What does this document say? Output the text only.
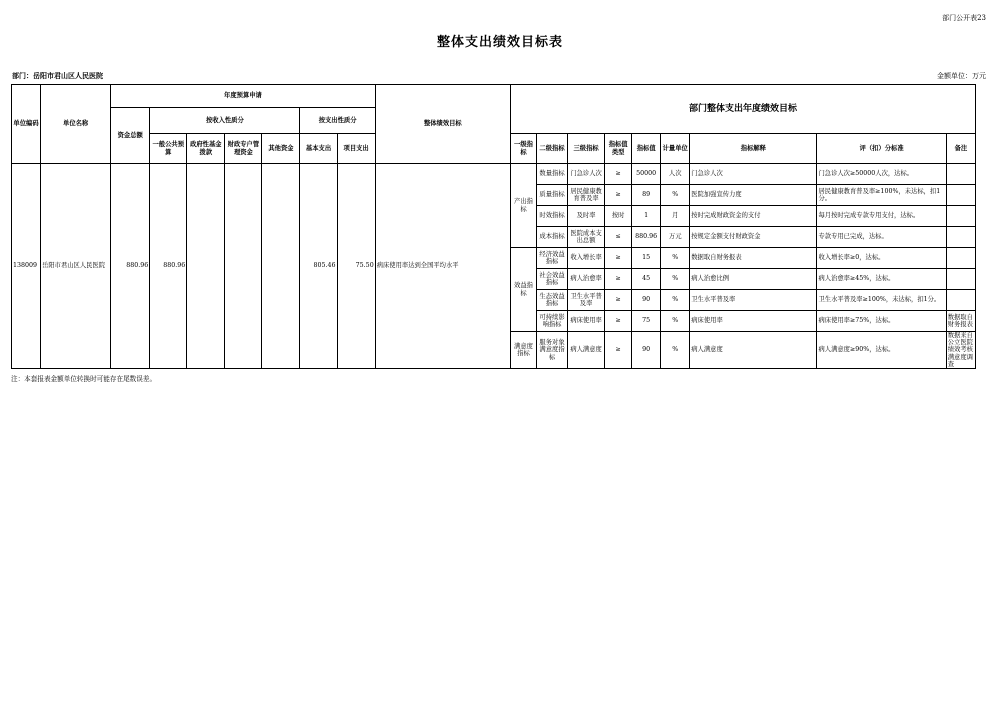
部门公开表23
整体支出绩效目标表
部门：岳阳市君山区人民医院	金额单位：万元
单位编码	单位名称	年度预算申请							整体绩效目标	部门整体支出年度绩效目标								
		资金总额	按收入性质分				按支出性质分											
			一般公共预算	政府性基金拨款	财政专户管理资金	其他资金	基本支出	项目支出		一级指标	二级指标	三级指标	指标值类型	指标值	计量单位	指标解释	评（扣）分标准	备注
138009	岳阳市君山区人民医院	880.96	880.96				805.46	75.50	病床使用率达到全国平均水平	产出指标	数量指标	门急诊人次	≥	50000	人次	门急诊人次	门急诊人次≥50000人次，达标。	
											质量指标	居民健康教育普及率	≥	89	%	医院加强宣传力度	居民健康教育普及率≥100%，未达标，扣1分。	
											时效指标	及时率	按时	1	月	按时完成财政资金的支付	每月按时完成专款专用支付，达标。	
											成本指标	医院成本支出总额	≤	880.96	万元	按规定金额支付财政资金	专款专用已完成，达标。	
										效益指标	经济效益指标	收入增长率	≥	15	%	数据取自财务报表	收入增长率≥0，达标。	
											社会效益指标	病人治愈率	≥	45	%	病人治愈比例	病人治愈率≥45%，达标。	
											生态效益指标	卫生水平普及率	≥	90	%	卫生水平普及率	卫生水平普及率≥100%，未达标，扣1分。	
											可持续影响指标	病床使用率	≥	75	%	病床使用率	病床使用率≥75%，达标。	数据取自财务报表
										满意度指标	服务对象满意度指标	病人满意度	≥	90	%	病人满意度	病人满意度≥90%，达标。	数据来自公立医院绩效考核满意度调查
注：本套报表金额单位转换时可能存在尾数误差。
